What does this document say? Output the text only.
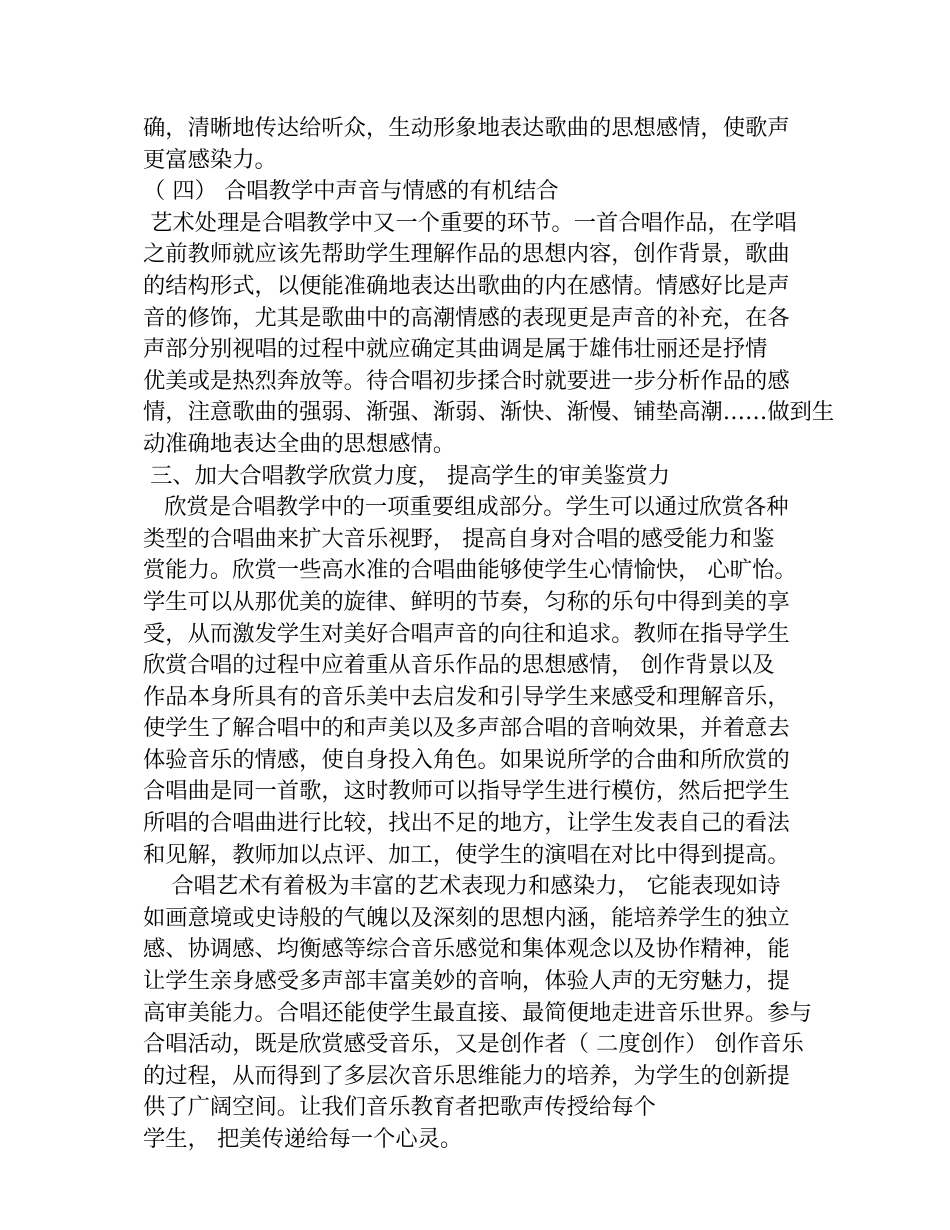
确，清晰地传达给听众，生动形象地表达歌曲的思想感情，使歌声
更富感染力。
（ 四） 合唱教学中声音与情感的有机结合
艺术处理是合唱教学中又一个重要的环节。一首合唱作品，在学唱
之前教师就应该先帮助学生理解作品的思想内容，创作背景，歌曲
的结构形式，以便能准确地表达出歌曲的内在感情。情感好比是声
音的修饰，尤其是歌曲中的高潮情感的表现更是声音的补充，在各
声部分别视唱的过程中就应确定其曲调是属于雄伟壮丽还是抒情
优美或是热烈奔放等。待合唱初步揉合时就要进一步分析作品的感
情，注意歌曲的强弱、渐强、渐弱、渐快、渐慢、铺垫高潮……做到生
动准确地表达全曲的思想感情。
三、加大合唱教学欣赏力度， 提高学生的审美鉴赏力
欣赏是合唱教学中的一项重要组成部分。学生可以通过欣赏各种
类型的合唱曲来扩大音乐视野， 提高自身对合唱的感受能力和鉴
赏能力。欣赏一些高水准的合唱曲能够使学生心情愉快， 心旷怡。
学生可以从那优美的旋律、鲜明的节奏，匀称的乐句中得到美的享
受，从而激发学生对美好合唱声音的向往和追求。教师在指导学生
欣赏合唱的过程中应着重从音乐作品的思想感情， 创作背景以及
作品本身所具有的音乐美中去启发和引导学生来感受和理解音乐，
使学生了解合唱中的和声美以及多声部合唱的音响效果，并着意去
体验音乐的情感，使自身投入角色。如果说所学的合曲和所欣赏的
合唱曲是同一首歌，这时教师可以指导学生进行模仿，然后把学生
所唱的合唱曲进行比较，找出不足的地方，让学生发表自己的看法
和见解，教师加以点评、加工，使学生的演唱在对比中得到提高。
合唱艺术有着极为丰富的艺术表现力和感染力， 它能表现如诗
如画意境或史诗般的气魄以及深刻的思想内涵，能培养学生的独立
感、协调感、均衡感等综合音乐感觉和集体观念以及协作精神，能
让学生亲身感受多声部丰富美妙的音响，体验人声的无穷魅力，提
高审美能力。合唱还能使学生最直接、最简便地走进音乐世界。参与
合唱活动，既是欣赏感受音乐，又是创作者（ 二度创作） 创作音乐
的过程，从而得到了多层次音乐思维能力的培养，为学生的创新提
供了广阔空间。让我们音乐教育者把歌声传授给每个
学生， 把美传递给每一个心灵。
